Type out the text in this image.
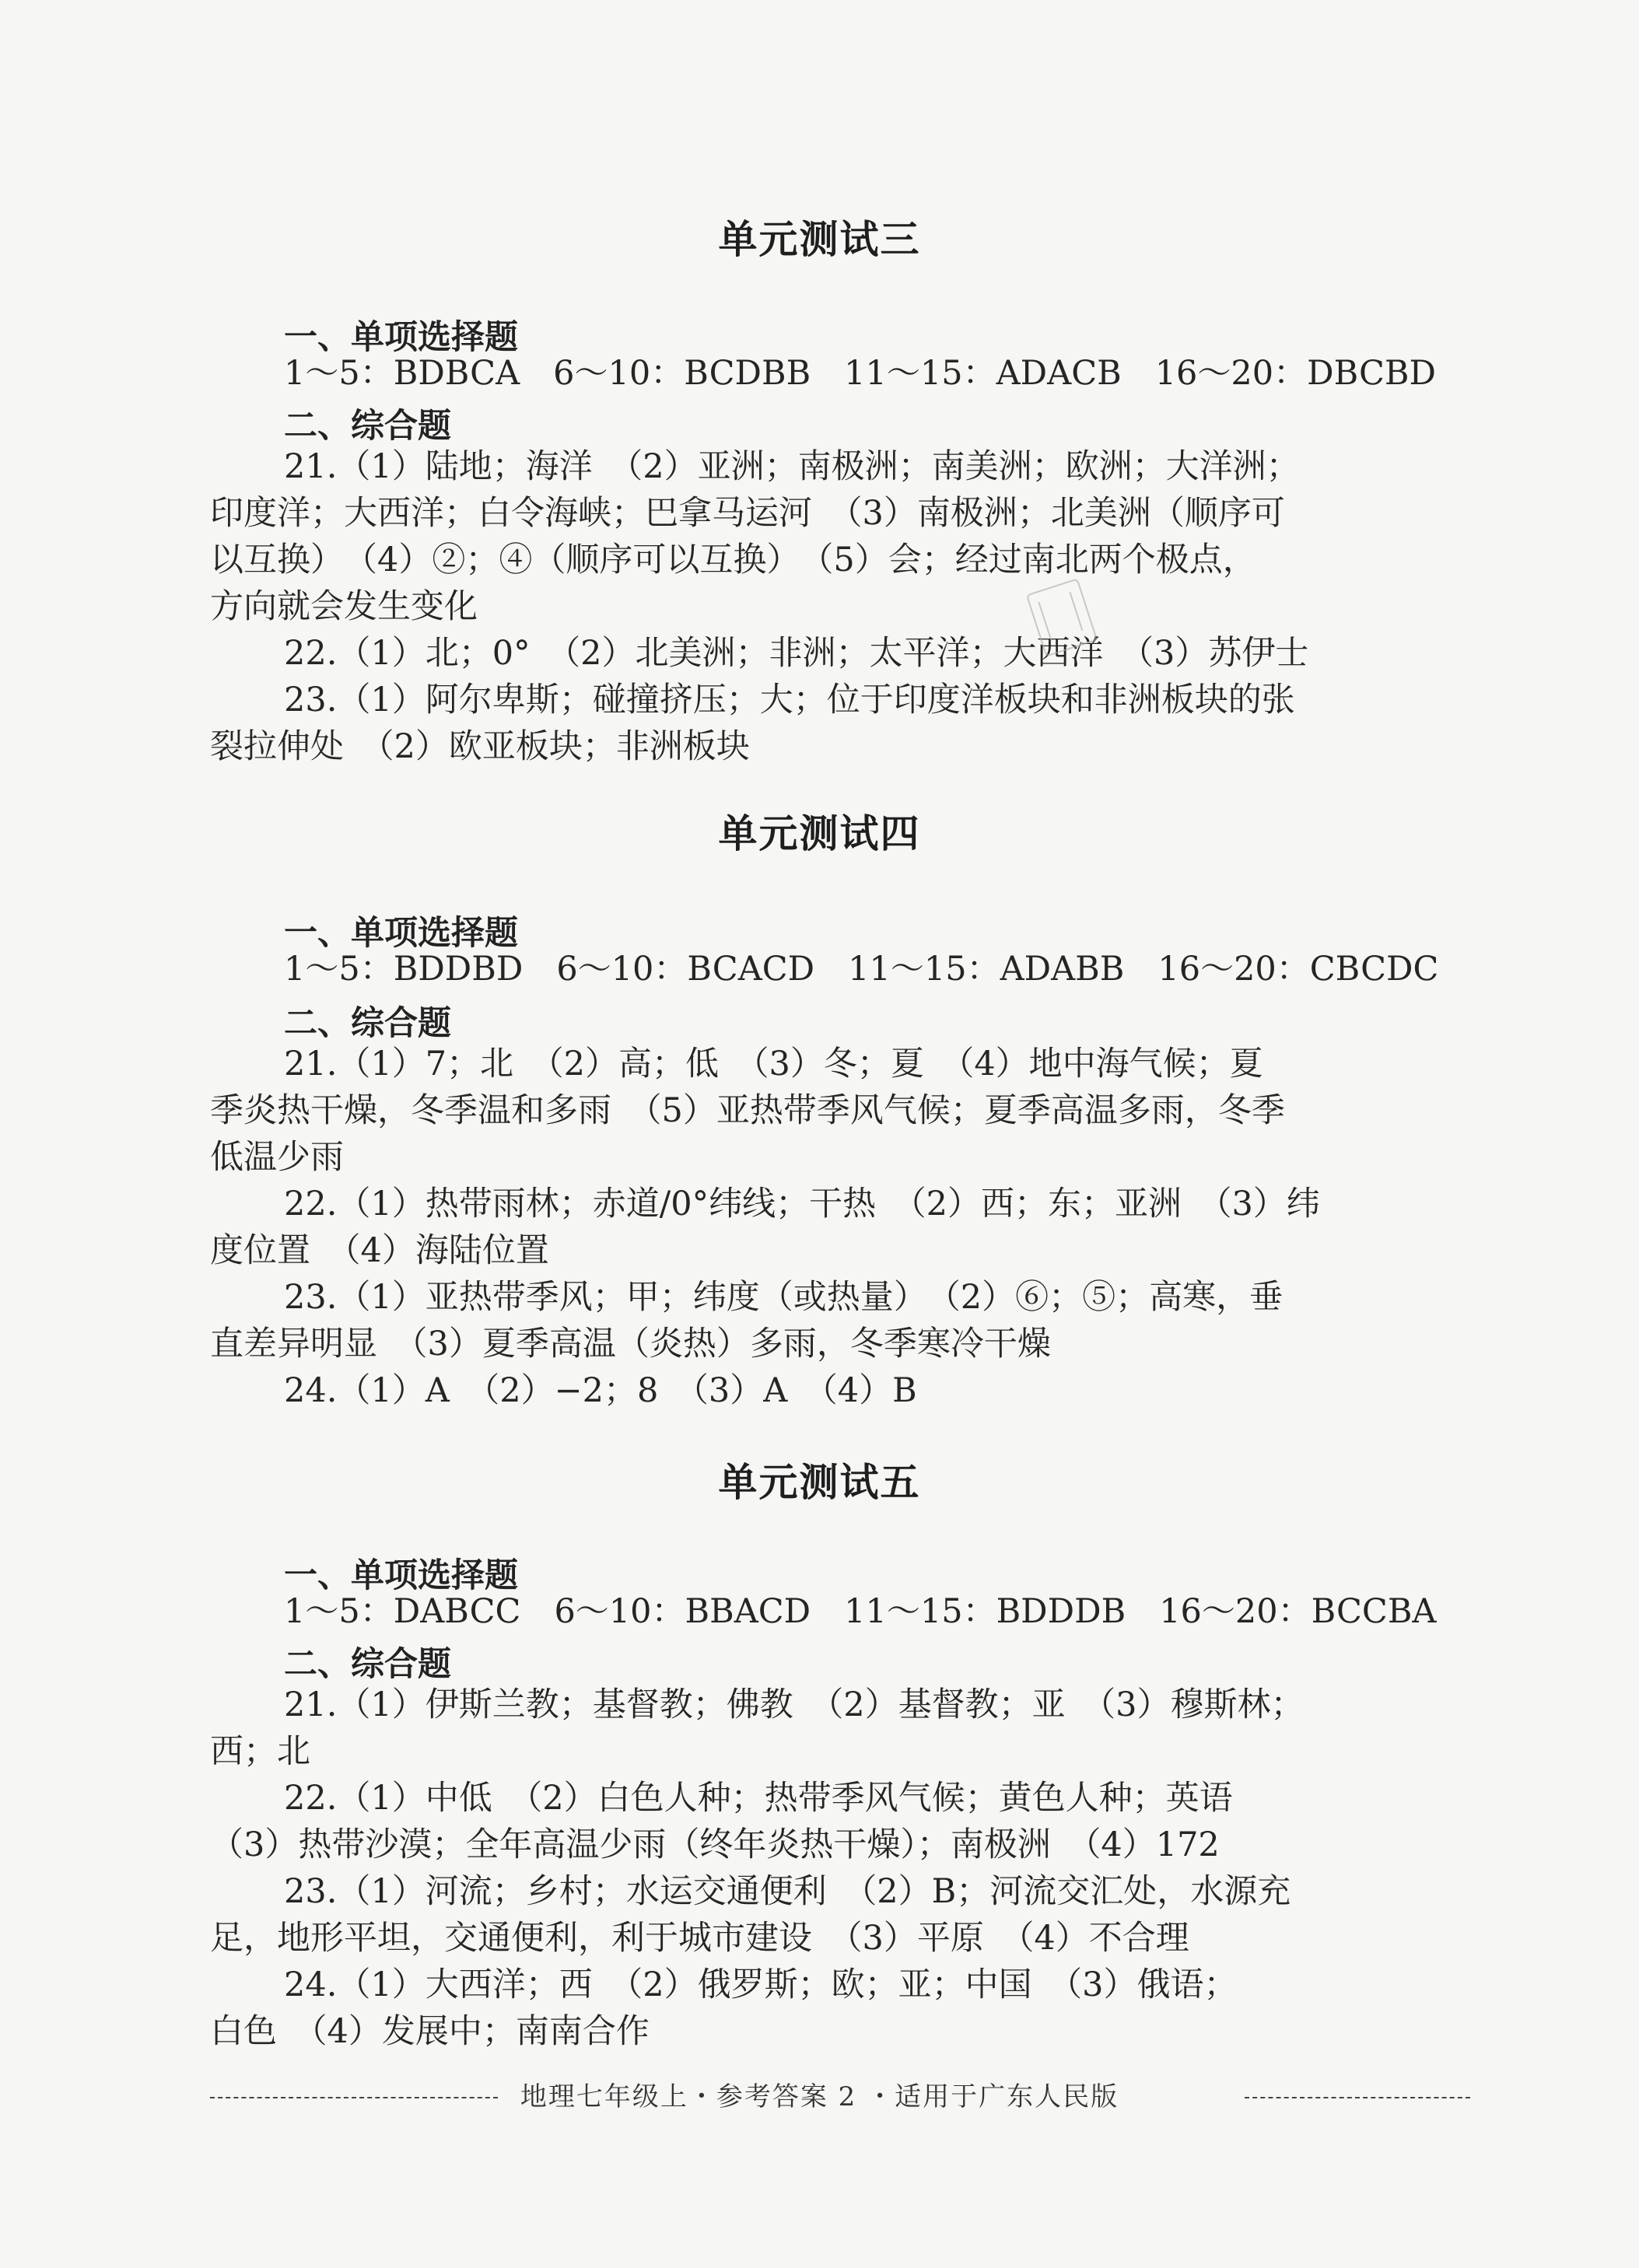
单元测试三
一、单项选择题
1～5：BDBCA　6～10：BCDBB　11～15：ADACB　16～20：DBCBD
二、综合题
21.（1）陆地；海洋　（2）亚洲；南极洲；南美洲；欧洲；大洋洲；
印度洋；大西洋；白令海峡；巴拿马运河　（3）南极洲；北美洲（顺序可
以互换）　（4）②；④（顺序可以互换）　（5）会；经过南北两个极点，
方向就会发生变化
22.（1）北；0°　（2）北美洲；非洲；太平洋；大西洋　（3）苏伊士
23.（1）阿尔卑斯；碰撞挤压；大；位于印度洋板块和非洲板块的张
裂拉伸处　（2）欧亚板块；非洲板块
单元测试四
一、单项选择题
1～5：BDDBD　6～10：BCACD　11～15：ADABB　16～20：CBCDC
二、综合题
21.（1）7；北　（2）高；低　（3）冬；夏　（4）地中海气候；夏
季炎热干燥，冬季温和多雨　（5）亚热带季风气候；夏季高温多雨，冬季
低温少雨
22.（1）热带雨林；赤道/0°纬线；干热　（2）西；东；亚洲　（3）纬
度位置　（4）海陆位置
23.（1）亚热带季风；甲；纬度（或热量）　（2）⑥；⑤；高寒，垂
直差异明显　（3）夏季高温（炎热）多雨，冬季寒冷干燥
24.（1）A　（2）−2；8　（3）A　（4）B
单元测试五
一、单项选择题
1～5：DABCC　6～10：BBACD　11～15：BDDDB　16～20：BCCBA
二、综合题
21.（1）伊斯兰教；基督教；佛教　（2）基督教；亚　（3）穆斯林；
西；北
22.（1）中低　（2）白色人种；热带季风气候；黄色人种；英语
（3）热带沙漠；全年高温少雨（终年炎热干燥）；南极洲　（4）172
23.（1）河流；乡村；水运交通便利　（2）B；河流交汇处，水源充
足，地形平坦，交通便利，利于城市建设　（3）平原　（4）不合理
24.（1）大西洋；西　（2）俄罗斯；欧；亚；中国　（3）俄语；
白色　（4）发展中；南南合作
地理七年级上・参考答案 2 ・适用于广东人民版
